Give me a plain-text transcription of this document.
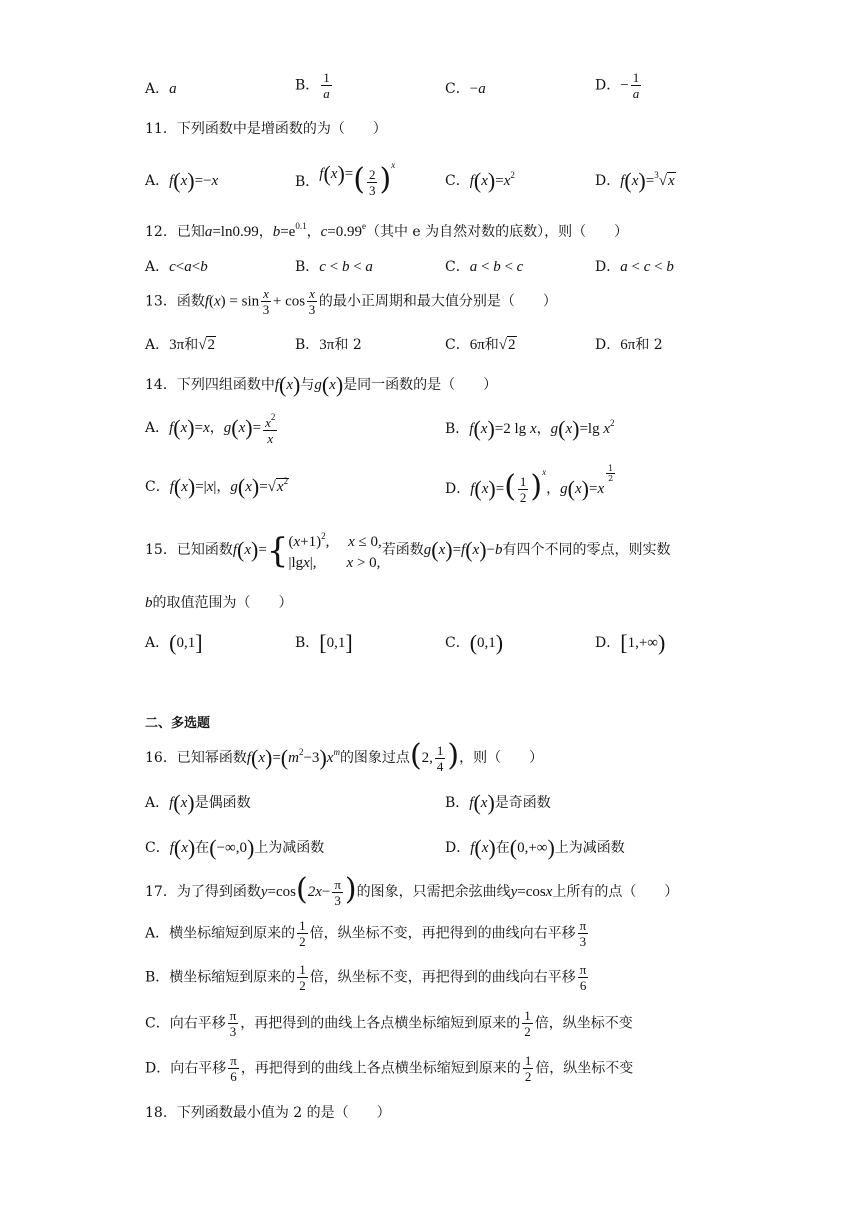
A．a	B． $\frac{1}{a}$	C．−a	D．− $\frac{1}{a}$
11．下列函数中是增函数的为（　　）
A．f(x)=−x	B．$f(x)=( \frac{2}{3} )^x$
C．$f(x)=x^2$	D．f(x)=$^3$√x
12．已知a=ln0.99，$b=e^{0.1}$，c=0.99$^e$（其中 e 为自然对数的底数），则（　　）
A．c<a<b	B．c < b < a	C．a < b < c	D．a < c < b
13．函数$f(x) = \sin \frac{x}{3} + \cos \frac{x}{3}$ 的最小正周期和最大值分别是（　　）
A．3π和√2	B．3π和 2	C．6π和√2	D．6π和 2
14．下列四组函数中f(x)与g(x)是同一函数的是（　　）
A．f(x)=x，$g(x)= \frac{x^2}{x}$	B．f(x)=2 lg x，g(x)=lg $x^2$
C．f(x)=|x|，$g(x)=√x^2$	D．$f(x)=( \frac{1}{2} )^x$，g(x)=x
$\frac{1}{2}$
15．已知函数f(x)={ $(x+1)^2$,　 x ≤ 0,
|lgx|,　　x > 0,
若函数g(x)=f(x)−b有四个不同的零点，则实数
b的取值范围为（　　）
A．(0,1]	B．[0,1]	C．(0,1)	D．[1,+∞)
二、多选题
16．已知幂函数$f(x)=(m^2-3)x^m$的图象过点(2, $\frac{1}{4}$ )，则（　　）
A．f(x)是偶函数	B．f(x)是奇函数
C．f(x)在(−∞,0)上为减函数	D．f(x)在(0,+∞)上为减函数
17．为了得到函数$y=\cos(2x- \frac{\pi}{3}$ )的图象，只需把余弦曲线y=cosx上所有的点（　　）
A．横坐标缩短到原来的 $\frac{1}{2}$ 倍，纵坐标不变，再把得到的曲线向右平移 $\frac{\pi}{3}$
B．横坐标缩短到原来的 $\frac{1}{2}$ 倍，纵坐标不变，再把得到的曲线向右平移 $\frac{\pi}{6}$
C．向右平移 $\frac{\pi}{3}$ ，再把得到的曲线上各点横坐标缩短到原来的 $\frac{1}{2}$ 倍，纵坐标不变
D．向右平移 $\frac{\pi}{6}$ ，再把得到的曲线上各点横坐标缩短到原来的 $\frac{1}{2}$ 倍，纵坐标不变
18．下列函数最小值为 2 的是（　　）
